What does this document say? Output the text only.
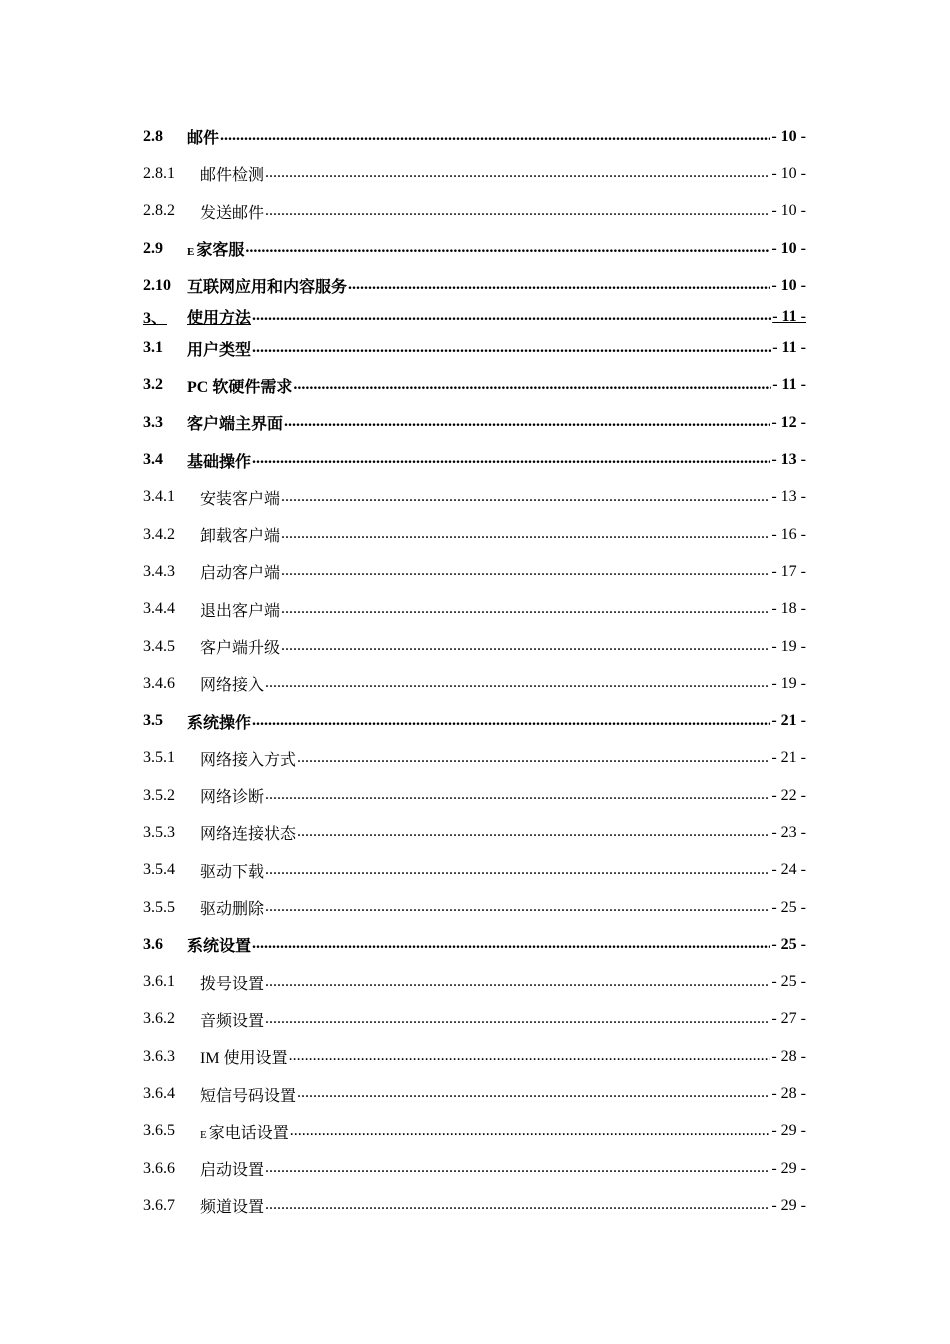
2.8	邮件 .....	- 10 -
2.8.1	邮件检测 .....	- 10 -
2.8.2	发送邮件 .....	- 10 -
2.9	E 家客服 .....	- 10 -
2.10	互联网应用和内容服务 .....	- 10 -
3、	使用方法 .....	- 11 -
3.1	用户类型 .....	- 11 -
3.2	PC 软硬件需求 .....	- 11 -
3.3	客户端主界面 .....	- 12 -
3.4	基础操作 .....	- 13 -
3.4.1	安装客户端 .....	- 13 -
3.4.2	卸载客户端 .....	- 16 -
3.4.3	启动客户端 .....	- 17 -
3.4.4	退出客户端 .....	- 18 -
3.4.5	客户端升级 .....	- 19 -
3.4.6	网络接入 .....	- 19 -
3.5	系统操作 .....	- 21 -
3.5.1	网络接入方式 .....	- 21 -
3.5.2	网络诊断 .....	- 22 -
3.5.3	网络连接状态 .....	- 23 -
3.5.4	驱动下载 .....	- 24 -
3.5.5	驱动删除 .....	- 25 -
3.6	系统设置 .....	- 25 -
3.6.1	拨号设置 .....	- 25 -
3.6.2	音频设置 .....	- 27 -
3.6.3	IM 使用设置 .....	- 28 -
3.6.4	短信号码设置 .....	- 28 -
3.6.5	E 家电话设置 .....	- 29 -
3.6.6	启动设置 .....	- 29 -
3.6.7	频道设置 .....	- 29 -
